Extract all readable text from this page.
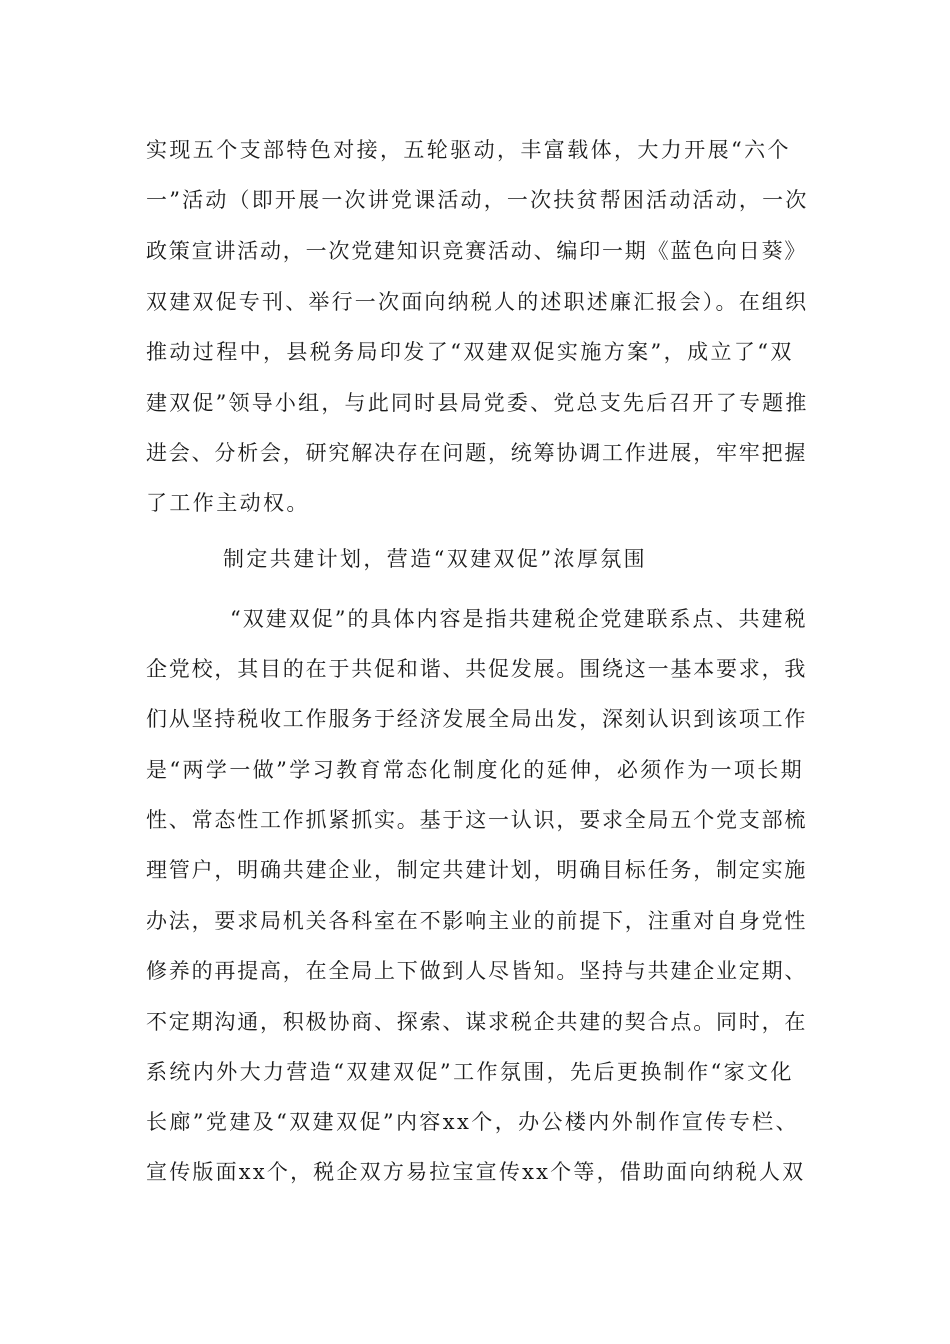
实现五个支部特色对接，五轮驱动，丰富载体，大力开展“六个
一”活动（即开展一次讲党课活动，一次扶贫帮困活动活动，一次
政策宣讲活动，一次党建知识竞赛活动、编印一期《蓝色向日葵》
双建双促专刊、举行一次面向纳税人的述职述廉汇报会）。在组织
推动过程中，县税务局印发了“双建双促实施方案”，成立了“双
建双促”领导小组，与此同时县局党委、党总支先后召开了专题推
进会、分析会，研究解决存在问题，统筹协调工作进展，牢牢把握
了工作主动权。
制定共建计划，营造“双建双促”浓厚氛围
“双建双促”的具体内容是指共建税企党建联系点、共建税
企党校，其目的在于共促和谐、共促发展。围绕这一基本要求，我
们从坚持税收工作服务于经济发展全局出发，深刻认识到该项工作
是“两学一做”学习教育常态化制度化的延伸，必须作为一项长期
性、常态性工作抓紧抓实。基于这一认识，要求全局五个党支部梳
理管户，明确共建企业，制定共建计划，明确目标任务，制定实施
办法，要求局机关各科室在不影响主业的前提下，注重对自身党性
修养的再提高，在全局上下做到人尽皆知。坚持与共建企业定期、
不定期沟通，积极协商、探索、谋求税企共建的契合点。同时，在
系统内外大力营造“双建双促”工作氛围，先后更换制作“家文化
长廊”党建及“双建双促”内容xx个，办公楼内外制作宣传专栏、
宣传版面xx个，税企双方易拉宝宣传xx个等，借助面向纳税人双
